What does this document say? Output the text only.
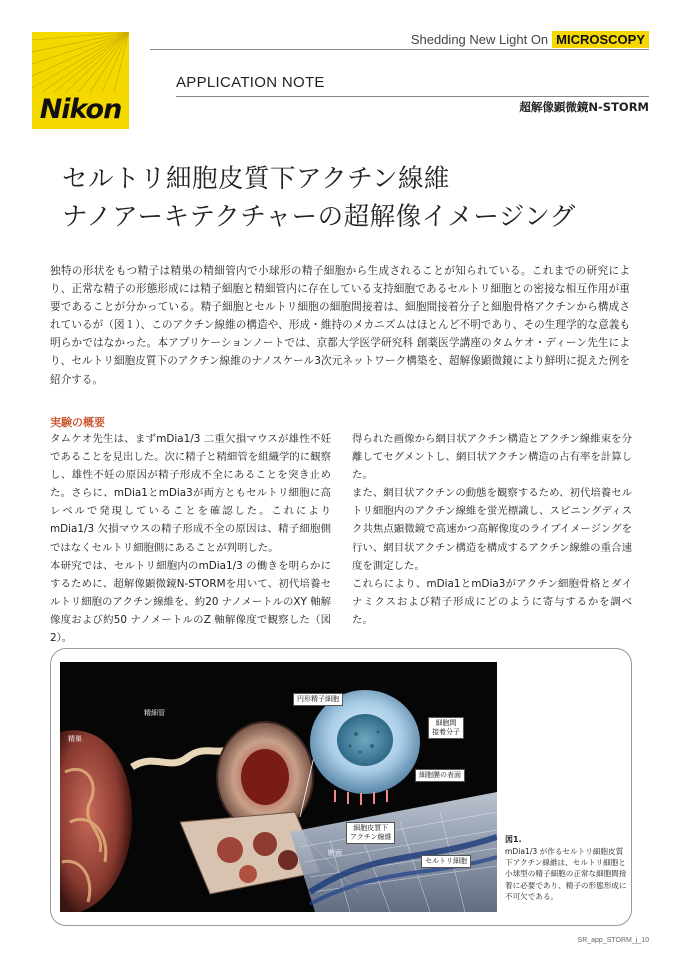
Nikon
Shedding New Light On MICROSCOPY
APPLICATION NOTE
超解像顕微鏡N-STORM
セルトリ細胞皮質下アクチン線維
ナノアーキテクチャーの超解像イメージング
独特の形状をもつ精子は精巣の精細管内で小球形の精子細胞から生成されることが知られている。これまでの研究により、正常な精子の形態形成には精子細胞と精細管内に存在している支持細胞であるセルトリ細胞との密接な相互作用が重要であることが分かっている。精子細胞とセルトリ細胞の細胞間接着は、細胞間接着分子と細胞骨格アクチンから構成されているが（図１）、このアクチン線維の構造や、形成・維持のメカニズムはほとんど不明であり、その生理学的な意義も明らかではなかった。本アプリケーションノートでは、京都大学医学研究科 創薬医学講座のタムケオ・ディーン先生により、セルトリ細胞皮質下のアクチン線維のナノスケール3次元ネットワーク構築を、超解像顕微鏡により鮮明に捉えた例を紹介する。
実験の概要

タムケオ先生は、まずmDia1/3 二重欠損マウスが雄性不妊であることを見出した。次に精子と精細管を組織学的に観察し、雄性不妊の原因が精子形成不全にあることを突き止めた。さらに、mDia1とmDia3が両方ともセルトリ細胞に高レベルで発現していることを確認した。これによりmDia1/3 欠損マウスの精子形成不全の原因は、精子細胞側ではなくセルトリ細胞側にあることが判明した。

本研究では、セルトリ細胞内のmDia1/3 の働きを明らかにするために、超解像顕微鏡N-STORMを用いて、初代培養セルトリ細胞のアクチン線維を、約20 ナノメートルのXY 軸解像度および約50 ナノメートルのZ 軸解像度で観察した（図2）。

得られた画像から網目状アクチン構造とアクチン線維束を分離してセグメントし、網目状アクチン構造の占有率を計算した。

また、網目状アクチンの動態を観察するため、初代培養セルトリ細胞内のアクチン線維を蛍光標識し、スピニングディスク共焦点顕微鏡で高速かつ高解像度のライブイメージングを行い、網目状アクチン構造を構成するアクチン線維の重合速度を測定した。

これらにより、mDia1とmDia3がアクチン細胞骨格とダイナミクスおよび精子形成にどのように寄与するかを調べた。

精巣
精細管
円形精子細胞
細胞間
接着分子
細胞膜の表面
細胞皮質下
アクチン線維
断面
セルトリ細胞
図1.
mDia1/3 が作るセルトリ細胞皮質下アクチン線維は、セルトリ細胞と小球型の精子細胞の正常な細胞間接着に必要であり、精子の形態形成に不可欠である。
SR_app_STORM_j_10
